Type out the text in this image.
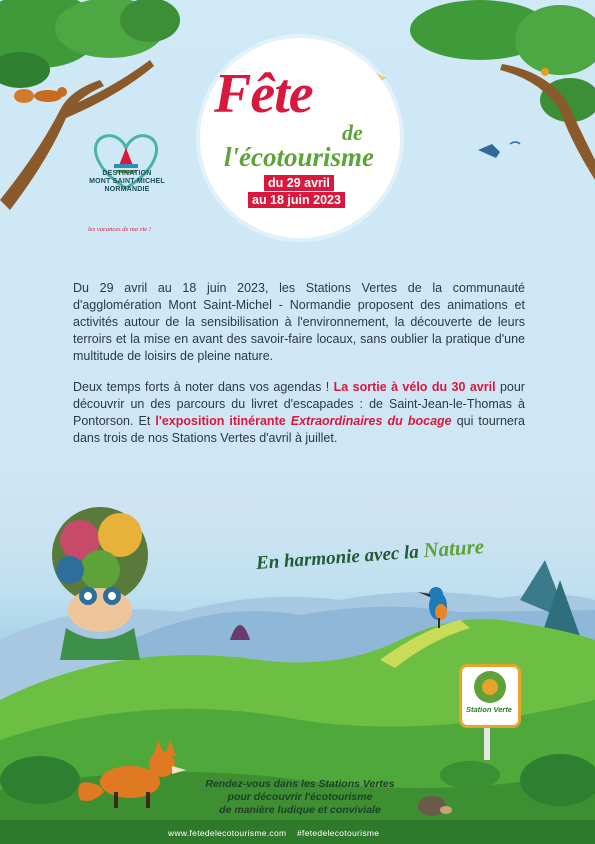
Fête
de
l'écotourisme
du 29 avril
au 18 juin 2023
DESTINATION
MONT SAINT-MICHEL
NORMANDIE
les vacances de ma vie !

Du 29 avril au 18 juin 2023, les Stations Vertes de la communauté d'agglomération Mont Saint-Michel - Normandie proposent des animations et activités autour de la sensibilisation à l'environnement, la découverte de leurs terroirs et la mise en avant des savoir-faire locaux, sans oublier la pratique d'une multitude de loisirs de pleine nature.

Deux temps forts à noter dans vos agendas ! La sortie à vélo du 30 avril pour découvrir un des parcours du livret d'escapades : de Saint-Jean-le-Thomas à Pontorson. Et l'exposition itinérante Extraordinaires du bocage qui tournera dans trois de nos Stations Vertes d'avril à juillet.

En harmonie avec la Nature
Station Verte
Rendez-vous dans les Stations Vertes
pour découvrir l'écotourisme
de manière ludique et conviviale
www.fetedelecotourisme.com #fetedelecotourisme
